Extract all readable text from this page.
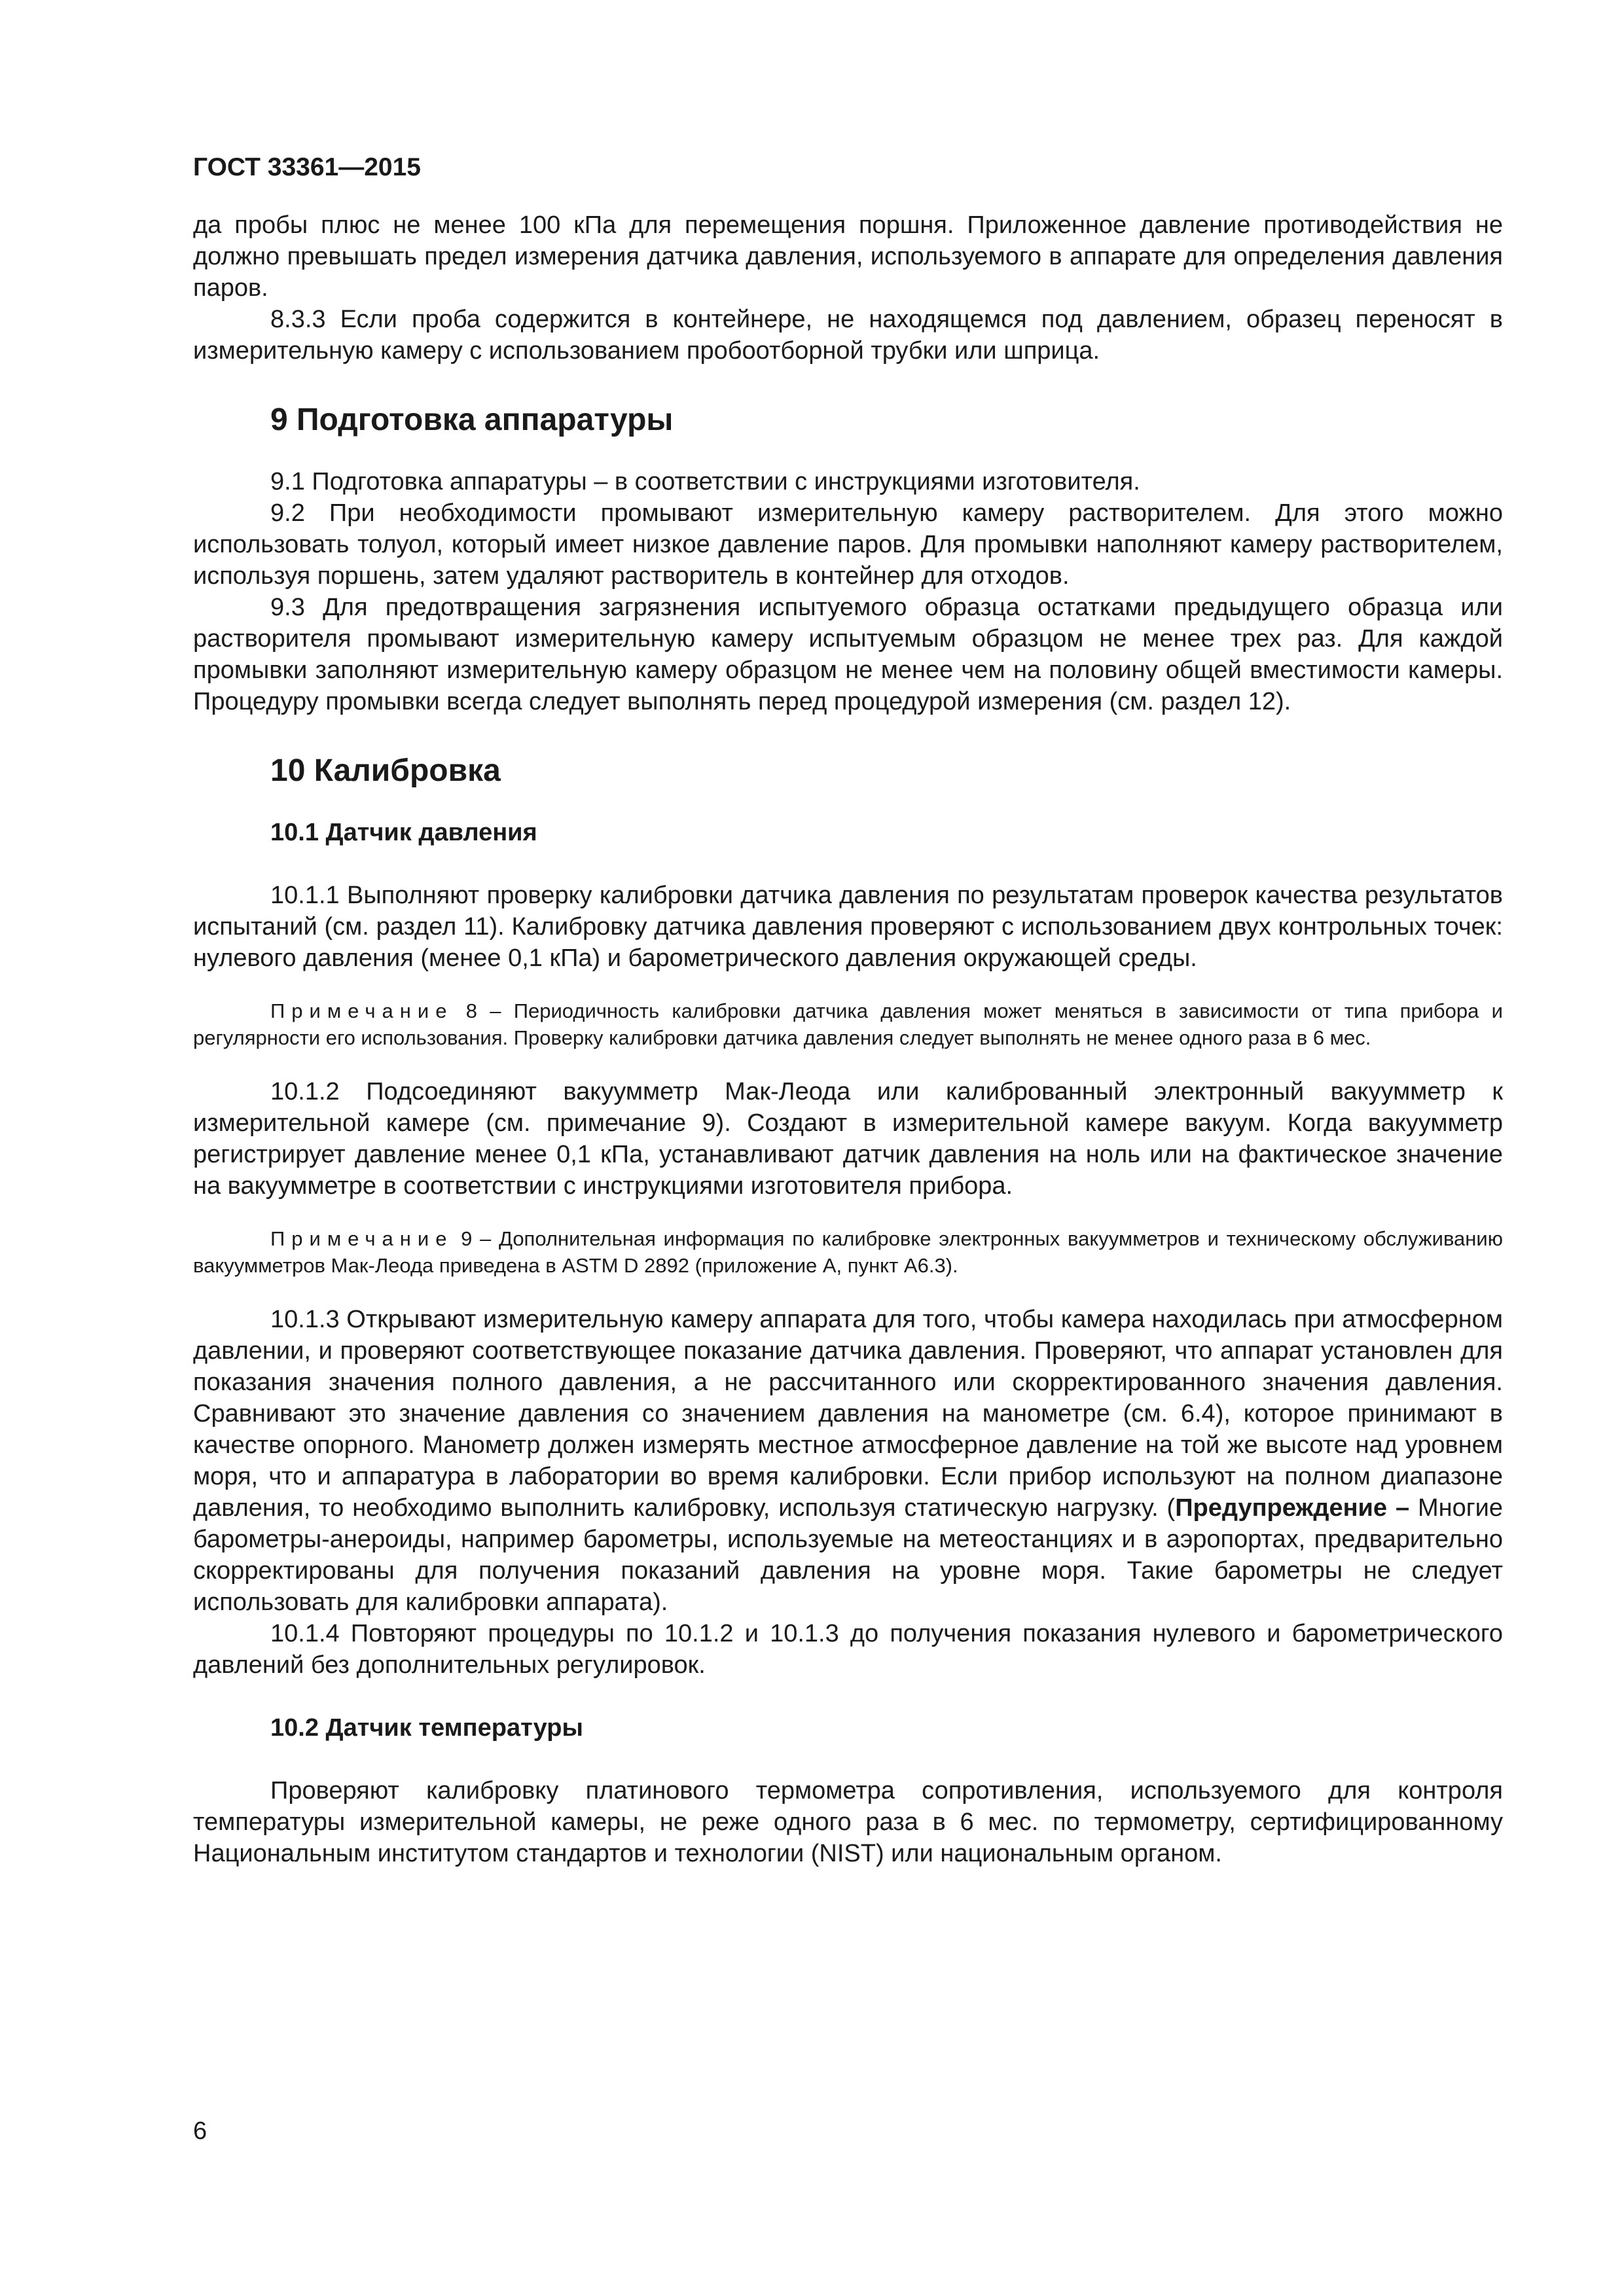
ГОСТ 33361—2015

да пробы плюс не менее 100 кПа для перемещения поршня. Приложенное давление противодействия не должно превышать предел измерения датчика давления, используемого в аппарате для определения давления паров.

8.3.3 Если проба содержится в контейнере, не находящемся под давлением, образец переносят в измерительную камеру с использованием пробоотборной трубки или шприца.

9 Подготовка аппаратуры

9.1 Подготовка аппаратуры – в соответствии с инструкциями изготовителя.

9.2 При необходимости промывают измерительную камеру растворителем. Для этого можно использовать толуол, который имеет низкое давление паров. Для промывки наполняют камеру растворителем, используя поршень, затем удаляют растворитель в контейнер для отходов.

9.3 Для предотвращения загрязнения испытуемого образца остатками предыдущего образца или растворителя промывают измерительную камеру испытуемым образцом не менее трех раз. Для каждой промывки заполняют измерительную камеру образцом не менее чем на половину общей вместимости камеры. Процедуру промывки всегда следует выполнять перед процедурой измерения (см. раздел 12).

10 Калибровка
10.1 Датчик давления

10.1.1 Выполняют проверку калибровки датчика давления по результатам проверок качества результатов испытаний (см. раздел 11). Калибровку датчика давления проверяют с использованием двух контрольных точек: нулевого давления (менее 0,1 кПа) и барометрического давления окружающей среды.

Примечание 8 – Периодичность калибровки датчика давления может меняться в зависимости от типа прибора и регулярности его использования. Проверку калибровки датчика давления следует выполнять не менее одного раза в 6 мес.

10.1.2 Подсоединяют вакуумметр Мак-Леода или калиброванный электронный вакуумметр к измерительной камере (см. примечание 9). Создают в измерительной камере вакуум. Когда вакуумметр регистрирует давление менее 0,1 кПа, устанавливают датчик давления на ноль или на фактическое значение на вакуумметре в соответствии с инструкциями изготовителя прибора.

Примечание 9 – Дополнительная информация по калибровке электронных вакуумметров и техническому обслуживанию вакуумметров Мак-Леода приведена в ASTM D 2892 (приложение А, пункт А6.3).

10.1.3 Открывают измерительную камеру аппарата для того, чтобы камера находилась при атмосферном давлении, и проверяют соответствующее показание датчика давления. Проверяют, что аппарат установлен для показания значения полного давления, а не рассчитанного или скорректированного значения давления. Сравнивают это значение давления со значением давления на манометре (см. 6.4), которое принимают в качестве опорного. Манометр должен измерять местное атмосферное давление на той же высоте над уровнем моря, что и аппаратура в лаборатории во время калибровки. Если прибор используют на полном диапазоне давления, то необходимо выполнить калибровку, используя статическую нагрузку. (Предупреждение – Многие барометры-анероиды, например барометры, используемые на метеостанциях и в аэропортах, предварительно скорректированы для получения показаний давления на уровне моря. Такие барометры не следует использовать для калибровки аппарата).

10.1.4 Повторяют процедуры по 10.1.2 и 10.1.3 до получения показания нулевого и барометрического давлений без дополнительных регулировок.

10.2 Датчик температуры

Проверяют калибровку платинового термометра сопротивления, используемого для контроля температуры измерительной камеры, не реже одного раза в 6 мес. по термометру, сертифицированному Национальным институтом стандартов и технологии (NIST) или национальным органом.

6
